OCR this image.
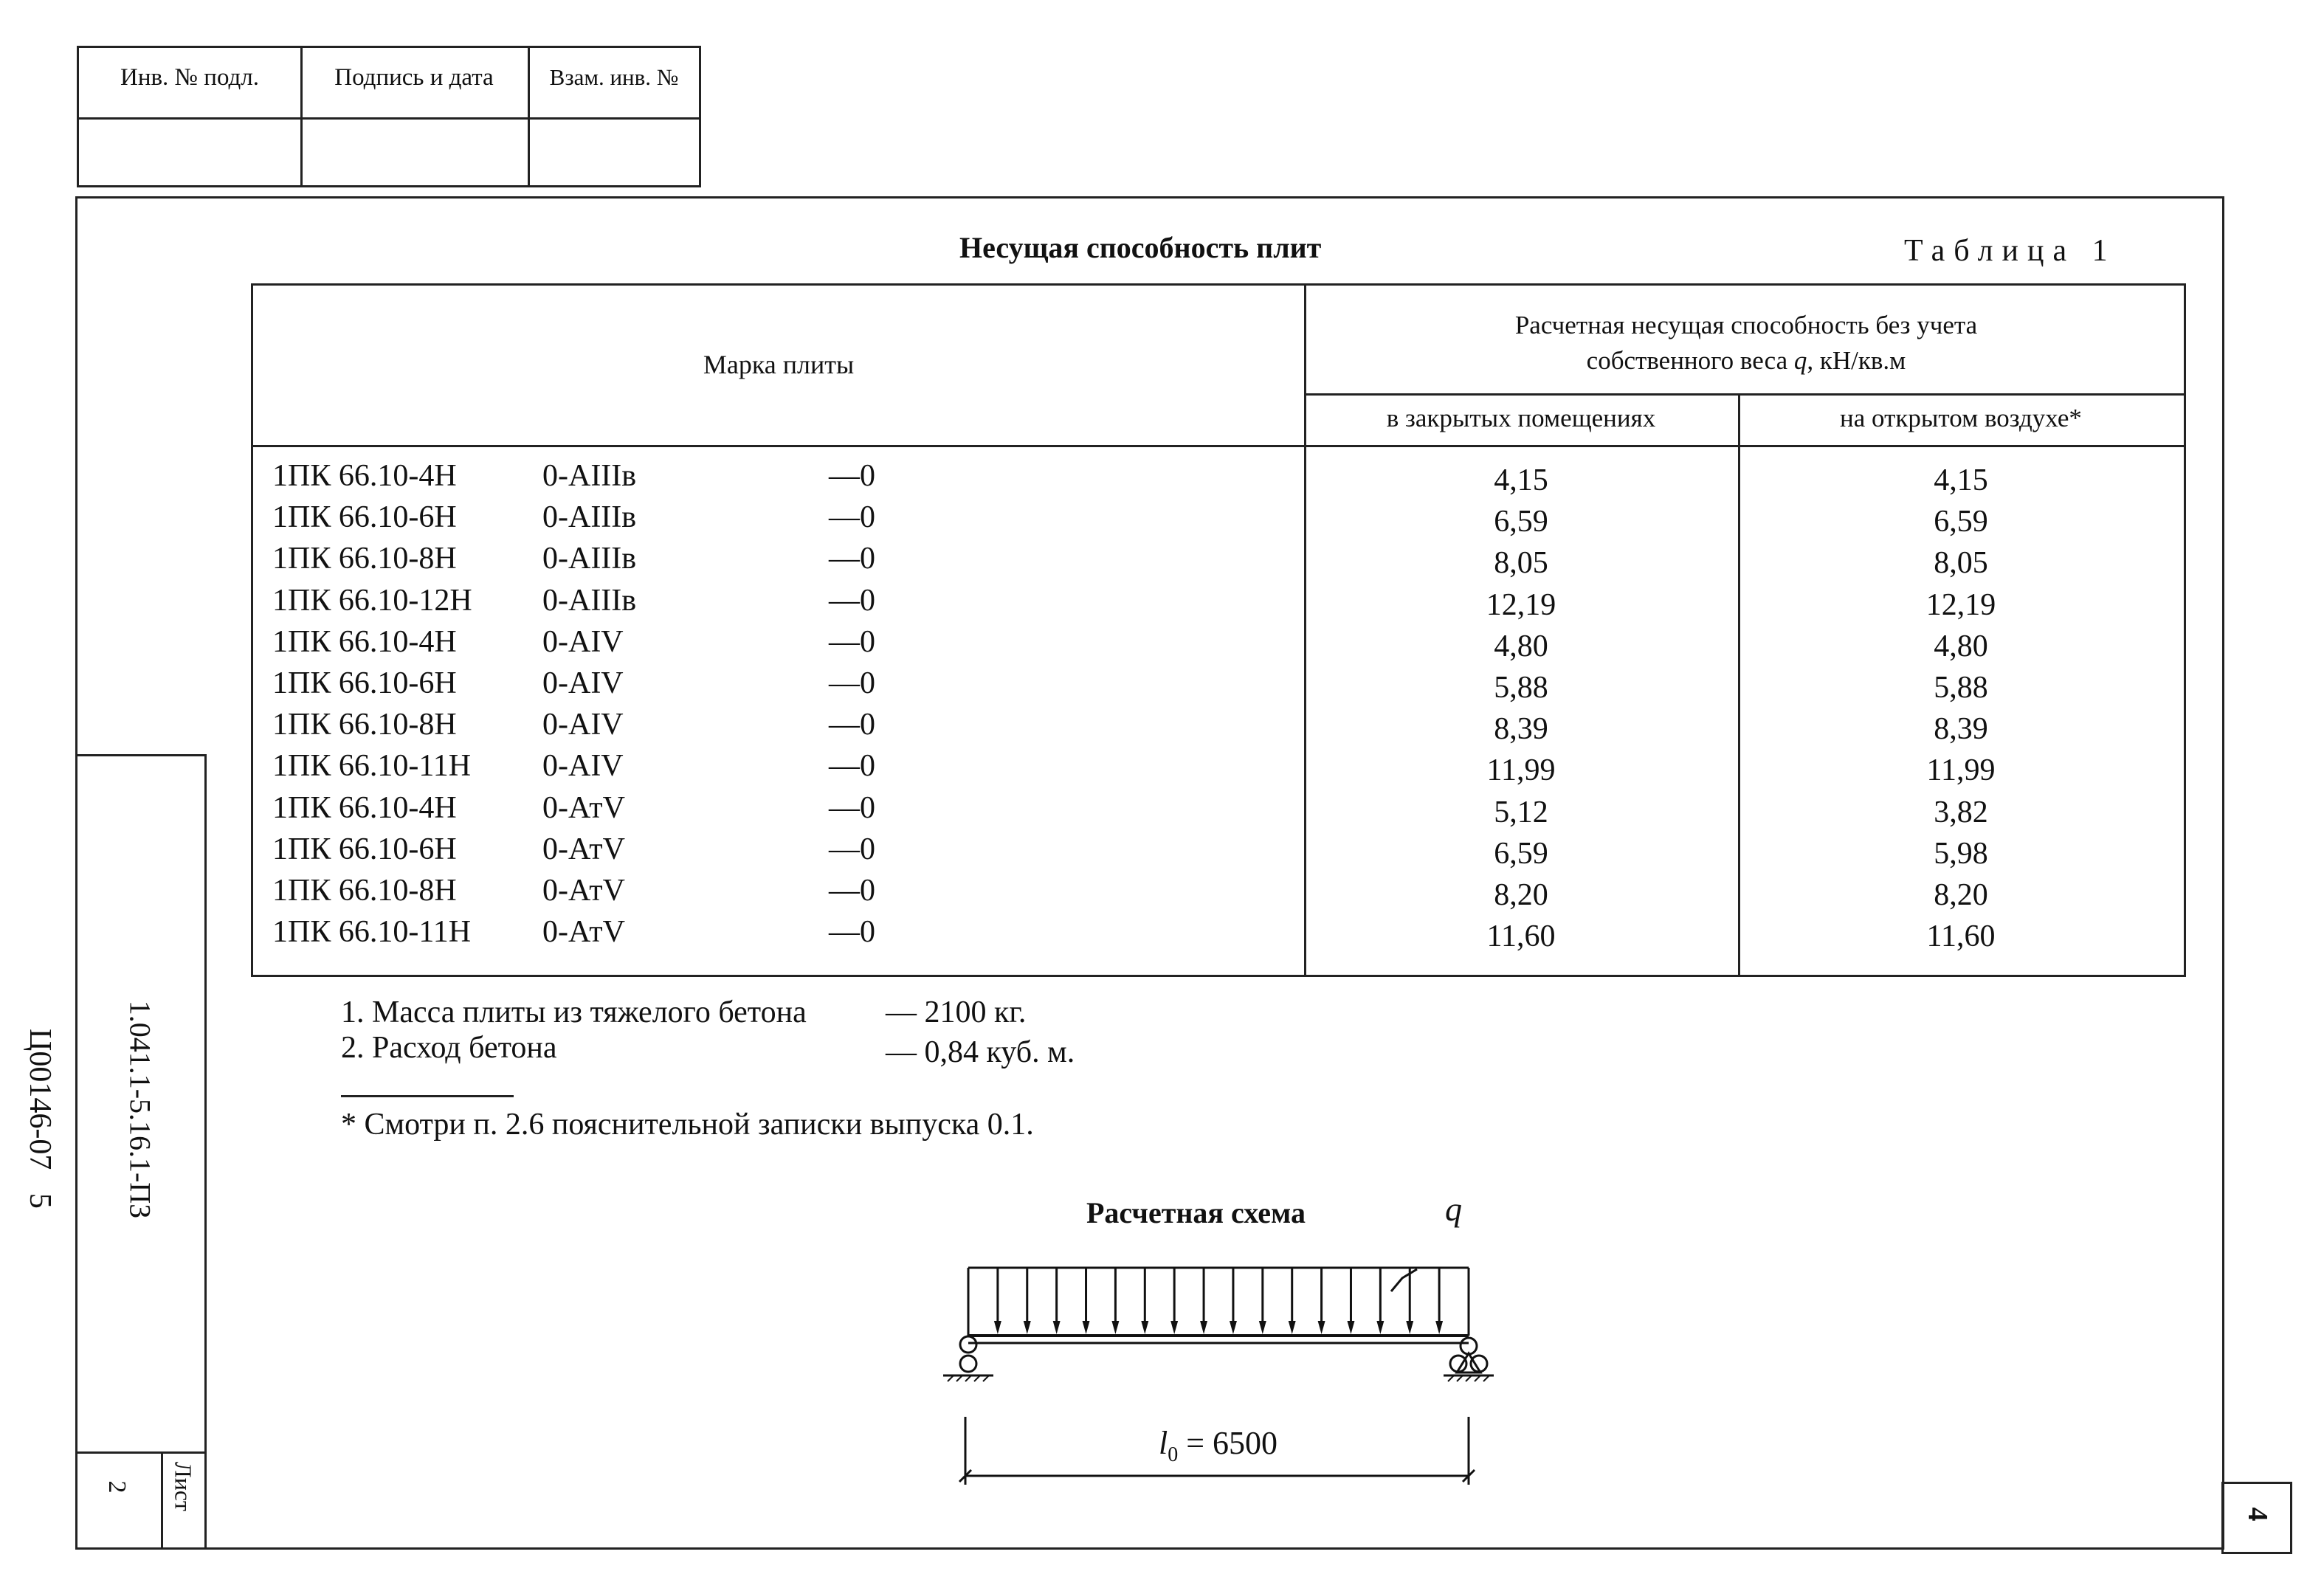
Инв. № подл.	Подпись и дата	Взам. инв. №
1.041.1-5.16.1-ПЗ
Ц00146-07   5
Лист
2
4
Несущая способность плит	Таблица 1
Марка плиты
Расчетная несущая способность без учета
собственного веса q, кН/кв.м
в закрытых помещениях	на открытом воздухе*
1ПК 66.10-4Н	0-АIIIв	—0	4,15	4,15
1ПК 66.10-6Н	0-АIIIв	—0	6,59	6,59
1ПК 66.10-8Н	0-АIIIв	—0	8,05	8,05
1ПК 66.10-12Н 0-АIIIв	—0	12,19	12,19
1ПК 66.10-4Н	0-АIV	—0	4,80	4,80
1ПК 66.10-6Н	0-АIV	—0	5,88	5,88
1ПК 66.10-8Н	0-АIV	—0	8,39	8,39
1ПК 66.10-11Н 0-АIV	—0	11,99	11,99
1ПК 66.10-4Н	0-АтV	—0	5,12	3,82
1ПК 66.10-6Н	0-АтV	—0	6,59	5,98
1ПК 66.10-8Н	0-АтV	—0	8,20	8,20
1ПК 66.10-11Н 0-АтV	—0	11,60	11,60
1. Масса плиты из тяжелого бетона	— 2100 кг.
2. Расход бетона	— 0,84 куб. м.
* Смотри п. 2.6 пояснительной записки выпуска 0.1.
Расчетная схема	q
$l_0 = 6500$
